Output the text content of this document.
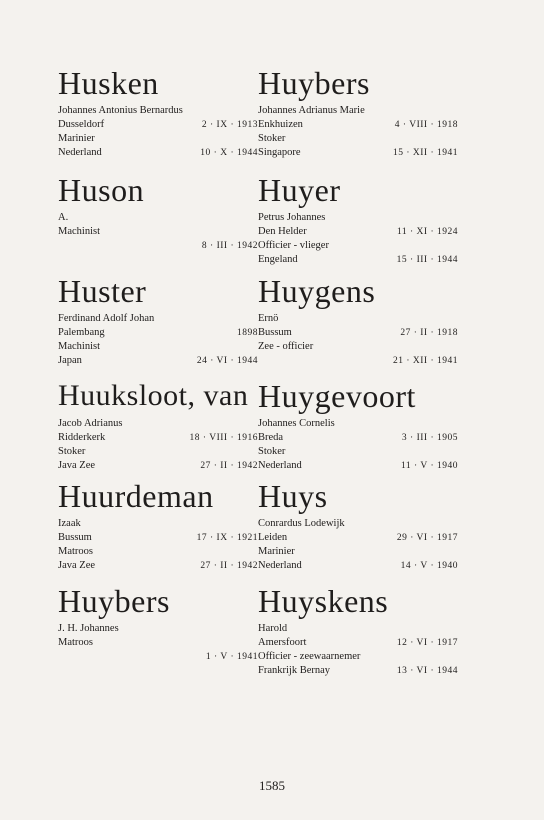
Husken
Johannes Antonius Bernardus
Dusseldorf	2 · IX · 1913
Marinier
Nederland	10 · X · 1944
Huson
A.
Machinist
8 · III · 1942
Huster
Ferdinand Adolf Johan
Palembang	1898
Machinist
Japan	24 · VI · 1944
Huuksloot, van
Jacob Adrianus
Ridderkerk	18 · VIII · 1916
Stoker
Java Zee	27 · II · 1942
Huurdeman
Izaak
Bussum	17 · IX · 1921
Matroos
Java Zee	27 · II · 1942
Huybers
J. H. Johannes
Matroos
1 · V · 1941
Huybers
Johannes Adrianus Marie
Enkhuizen	4 · VIII · 1918
Stoker
Singapore	15 · XII · 1941
Huyer
Petrus Johannes
Den Helder	11 · XI · 1924
Officier - vlieger
Engeland	15 · III · 1944
Huygens
Ernö
Bussum	27 · II · 1918
Zee - officier
21 · XII · 1941
Huygevoort
Johannes Cornelis
Breda	3 · III · 1905
Stoker
Nederland	11 · V · 1940
Huys
Conrardus Lodewijk
Leiden	29 · VI · 1917
Marinier
Nederland	14 · V · 1940
Huyskens
Harold
Amersfoort	12 · VI · 1917
Officier - zeewaarnemer
Frankrijk Bernay	13 · VI · 1944
1585
